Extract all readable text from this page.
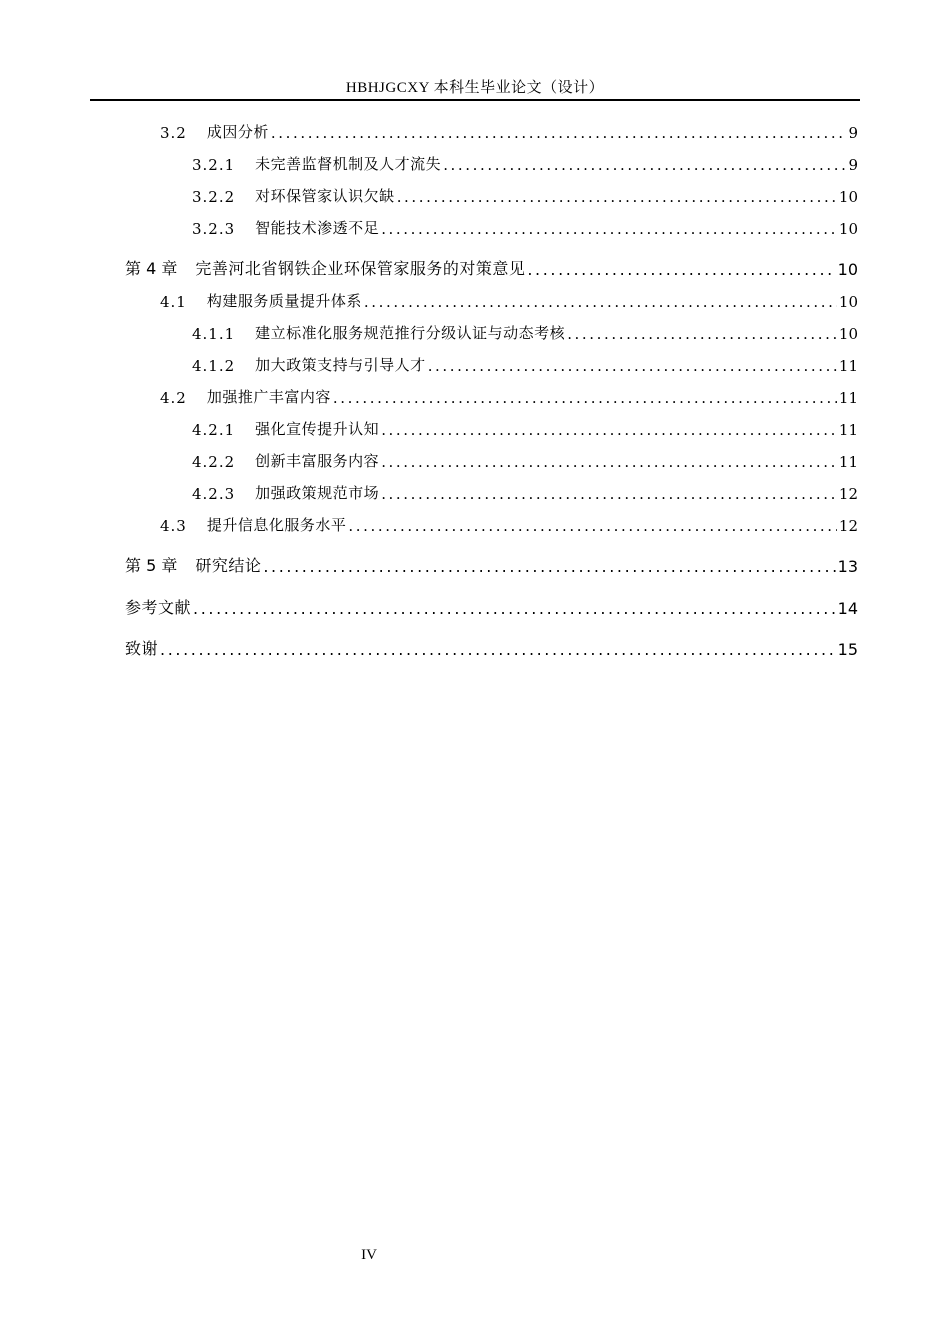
HBHJGCXY 本科生毕业论文（设计）
3.2 成因分析 .....	9
3.2.1 未完善监督机制及人才流失 .....	9
3.2.2 对环保管家认识欠缺 .....	10
3.2.3 智能技术渗透不足 .....	10
第 4 章 完善河北省钢铁企业环保管家服务的对策意见 .....	10
4.1 构建服务质量提升体系 .....	10
4.1.1 建立标准化服务规范推行分级认证与动态考核 .....	10
4.1.2 加大政策支持与引导人才 .....	11
4.2 加强推广丰富内容 .....	11
4.2.1 强化宣传提升认知 .....	11
4.2.2 创新丰富服务内容 .....	11
4.2.3 加强政策规范市场 .....	12
4.3 提升信息化服务水平 .....	12
第 5 章 研究结论 .....	13
参考文献 .....	14
致谢 .....	15
IV
